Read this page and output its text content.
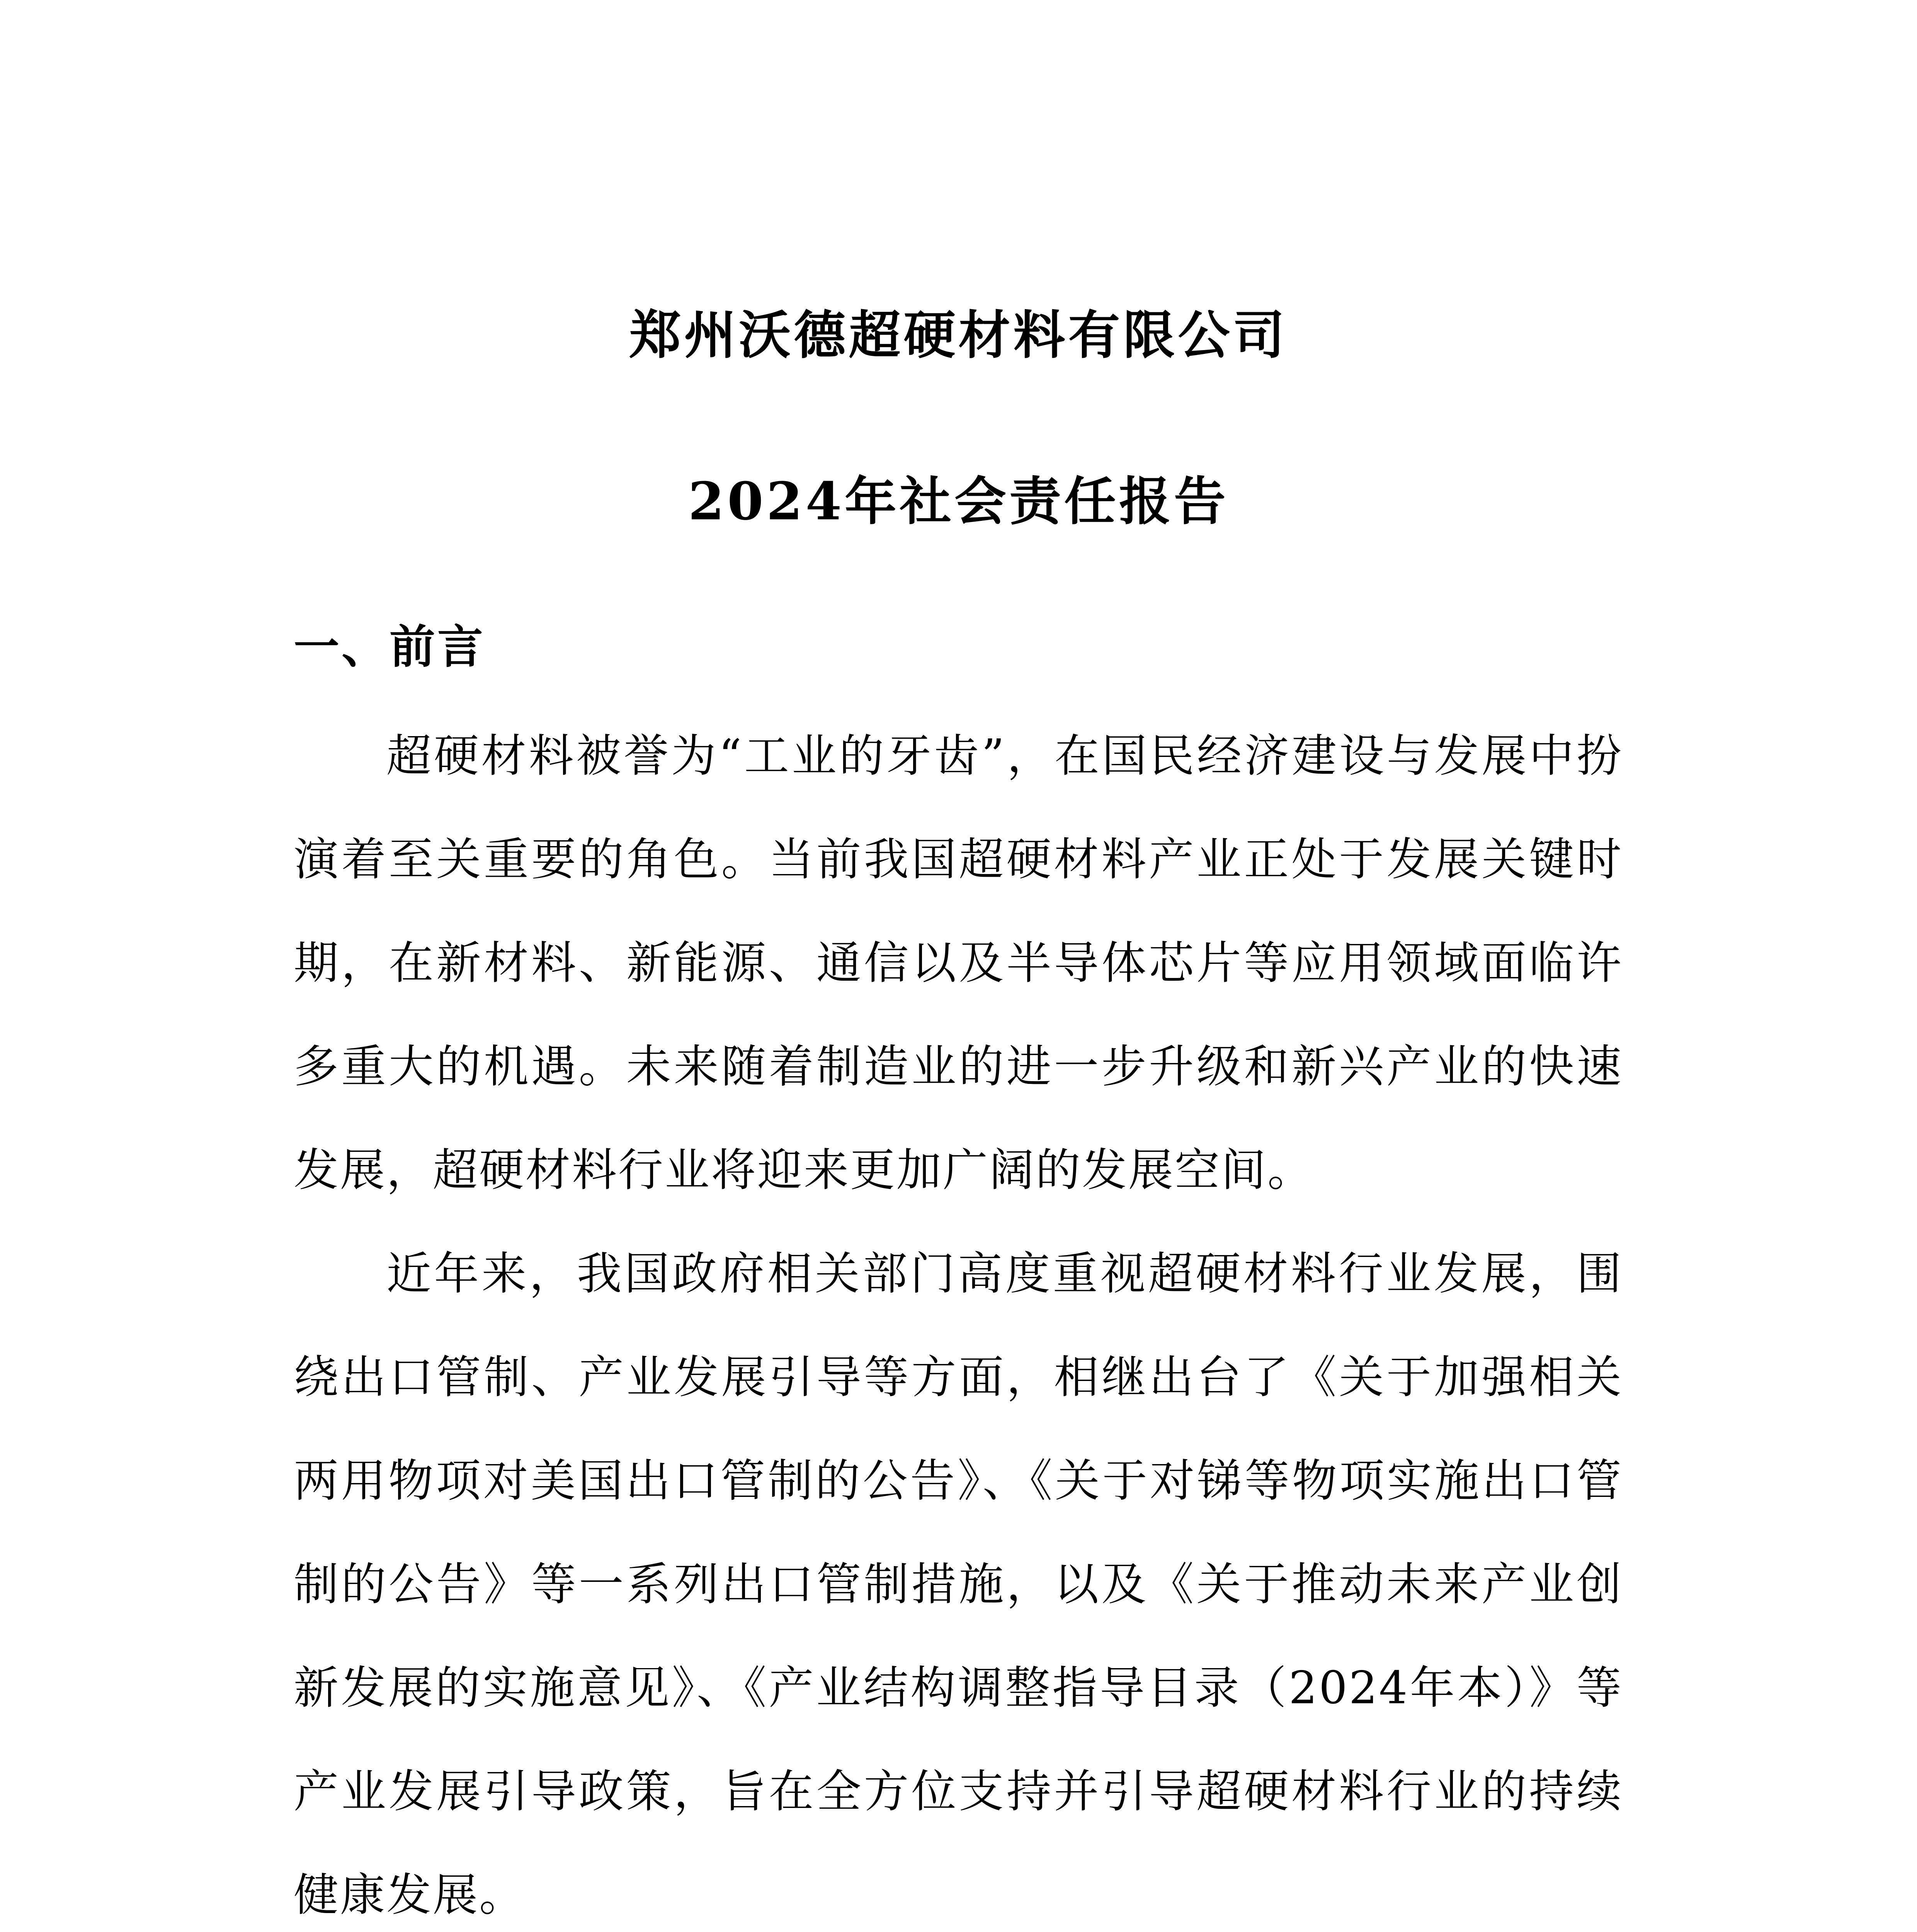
郑州沃德超硬材料有限公司
2024年社会责任报告
一、前言

超硬材料被誉为“工业的牙齿”，在国民经济建设与发展中扮演着至关重要的角色。当前我国超硬材料产业正处于发展关键时期，在新材料、新能源、通信以及半导体芯片等应用领域面临许多重大的机遇。未来随着制造业的进一步升级和新兴产业的快速发展，超硬材料行业将迎来更加广阔的发展空间。

近年来，我国政府相关部门高度重视超硬材料行业发展，围绕出口管制、产业发展引导等方面，相继出台了《关于加强相关两用物项对美国出口管制的公告》、《关于对锑等物项实施出口管制的公告》等一系列出口管制措施，以及《关于推动未来产业创新发展的实施意见》、《产业结构调整指导目录（2024年本）》等产业发展引导政策，旨在全方位支持并引导超硬材料行业的持续健康发展。
